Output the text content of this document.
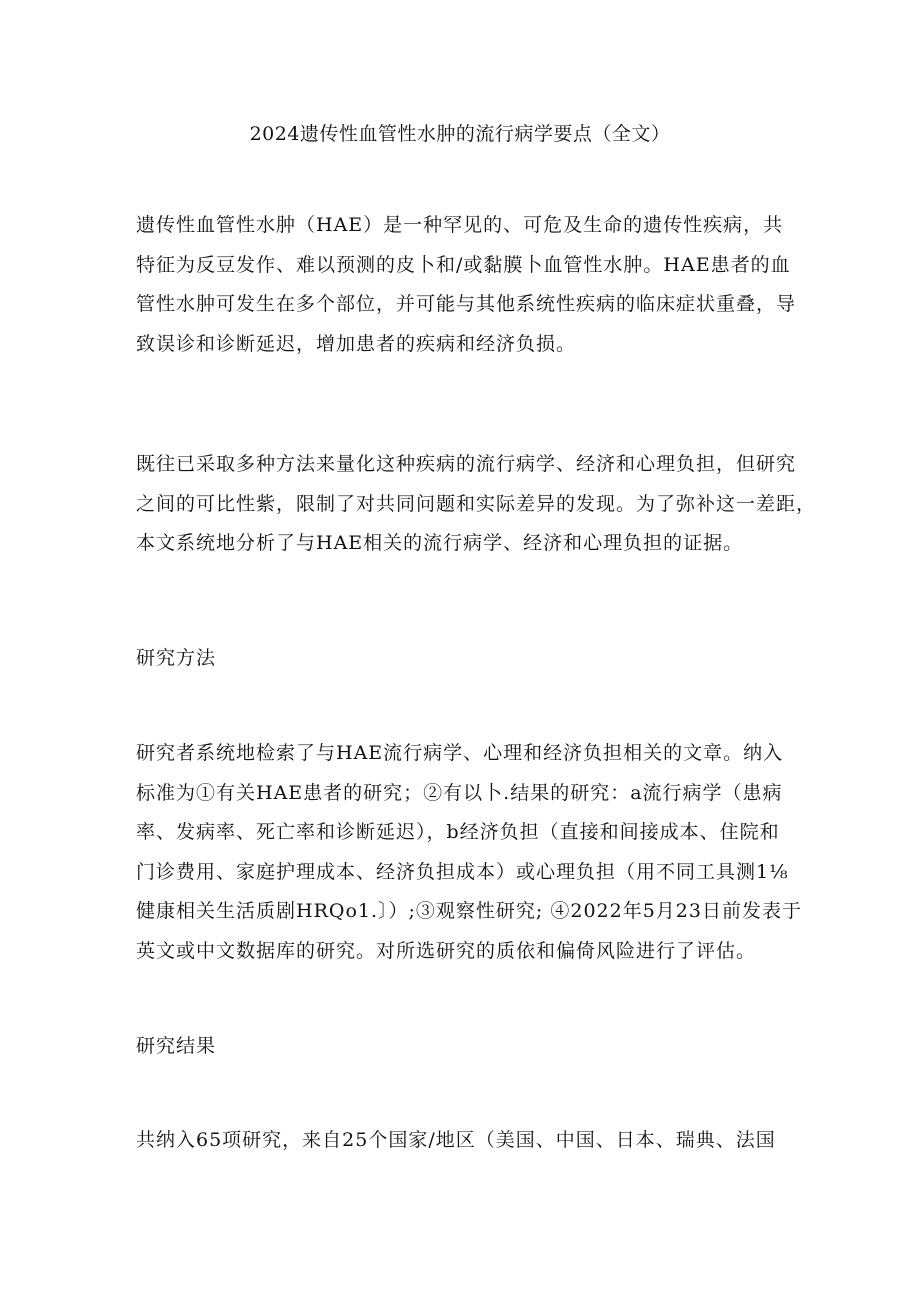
2024遗传性血管性水肿的流行病学要点（全文）
遗传性血管性水肿（HAE）是一种罕见的、可危及生命的遗传性疾病，共
特征为反豆发作、难以预测的皮卜和/或黏膜卜血管性水肿。HAE患者的血
管性水肿可发生在多个部位，并可能与其他系统性疾病的临床症状重叠，导
致误诊和诊断延迟，增加患者的疾病和经济负损。
既往已采取多种方法来量化这种疾病的流行病学、经济和心理负担，但研究
之间的可比性紫，限制了对共同问题和实际差异的发现。为了弥补这一差距，
本文系统地分析了与HAE相关的流行病学、经济和心理负担的证据。
研究方法
研究者系统地检索了与HAE流行病学、心理和经济负担相关的文章。纳入
标准为①有关HAE患者的研究；②有以卜.结果的研究：a流行病学（患病
率、发病率、死亡率和诊断延迟），b经济负担（直接和间接成本、住院和
门诊费用、家庭护理成本、经济负担成本）或心理负担（用不同工具测1⅛
健康相关生活质剧HRQo1.〕）;③观察性研究; ④2022年5月23日前发表于
英文或中文数据库的研究。对所选研究的质依和偏倚风险进行了评估。
研究结果
共纳入65项研究，来自25个国家/地区（美国、中国、日本、瑞典、法国
